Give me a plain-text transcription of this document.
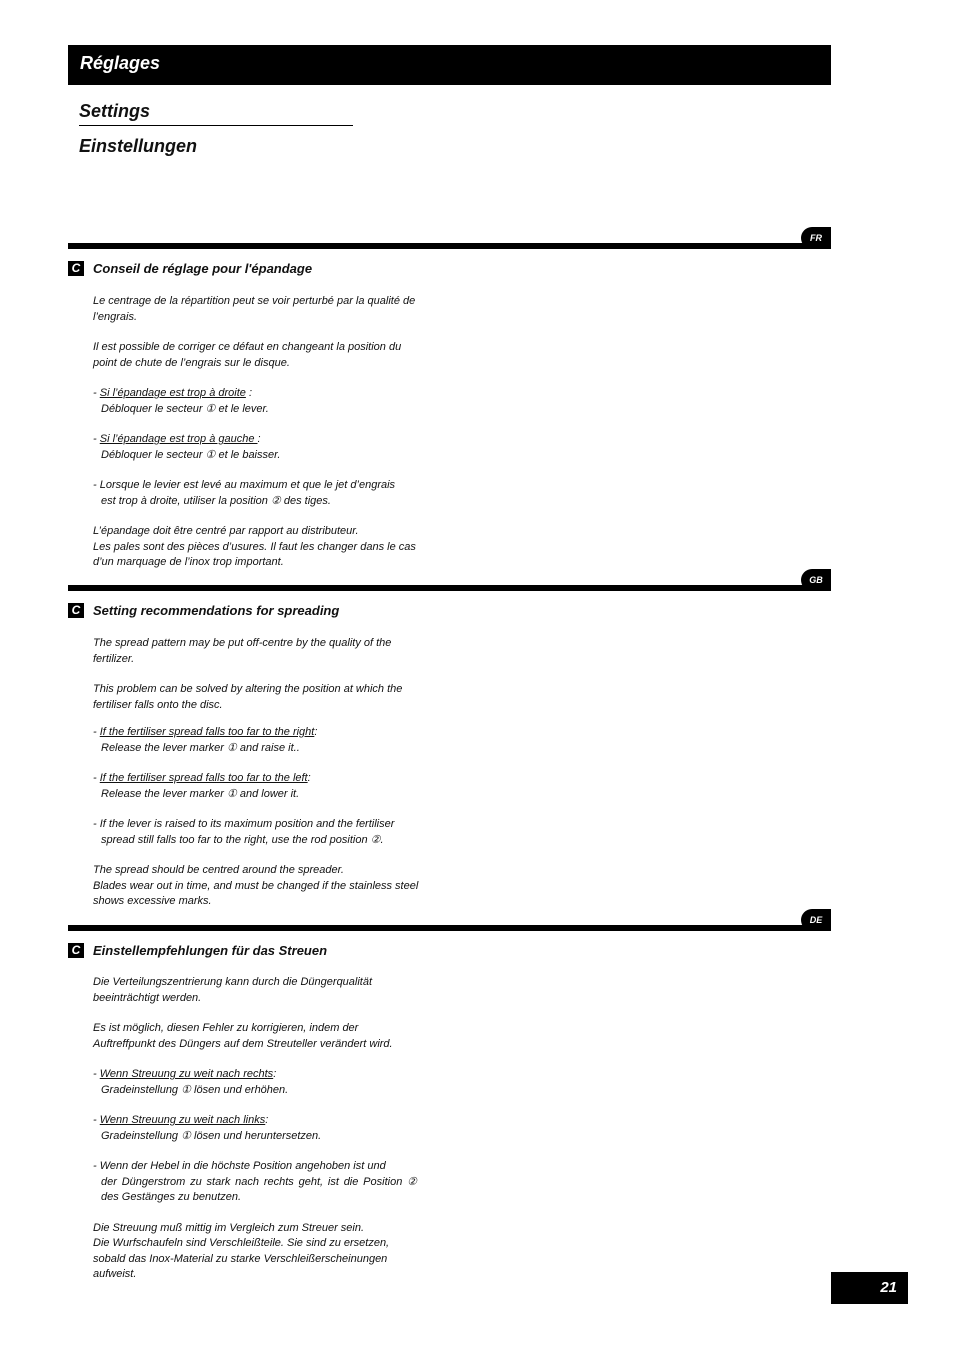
Réglages
Settings
Einstellungen
FR
C Conseil de réglage pour l'épandage

Le centrage de la répartition peut se voir perturbé par la qualité de l’engrais.

Il est possible de corriger ce défaut en changeant la position du point de chute de l’engrais sur le disque.

- Si l’épandage est trop à droite :
Débloquer le secteur ① et le lever.

- Si l’épandage est trop à gauche :
Débloquer le secteur ① et le baisser.

- Lorsque le levier est levé au maximum et que le jet d’engrais
est trop à droite, utiliser la position ② des tiges.

L’épandage doit être centré par rapport au distributeur.
Les pales sont des pièces d’usures. Il faut les changer dans le cas d’un marquage de l’inox trop important.

GB
C Setting recommendations for spreading

The spread pattern may be put off-centre by the quality of the fertilizer.

This problem can be solved by altering the position at which the fertiliser falls onto the disc.

- If the fertiliser spread falls too far to the right:
Release the lever marker ① and raise it..

- If the fertiliser spread falls too far to the left:
Release the lever marker ① and lower it.

- If the lever is raised to its maximum position and the fertiliser
spread still falls too far to the right, use the rod position ②.

The spread should be centred around the spreader.
Blades wear out in time, and must be changed if the stainless steel shows excessive marks.

DE
C Einstellempfehlungen für das Streuen

Die Verteilungszentrierung kann durch die Düngerqualität beeinträchtigt werden.

Es ist möglich, diesen Fehler zu korrigieren, indem der Auftreffpunkt des Düngers auf dem Streuteller verändert wird.

- Wenn Streuung zu weit nach rechts:
Gradeinstellung ① lösen und erhöhen.

- Wenn Streuung zu weit nach links:
Gradeinstellung ① lösen und heruntersetzen.

- Wenn der Hebel in die höchste Position angehoben ist und

der Düngerstrom zu stark nach rechts geht, ist die Position ② des Gestänges zu benutzen.

Die Streuung muß mittig im Vergleich zum Streuer sein.
Die Wurfschaufeln sind Verschleißteile. Sie sind zu ersetzen, sobald das Inox-Material zu starke Verschleißerscheinungen aufweist.

21
